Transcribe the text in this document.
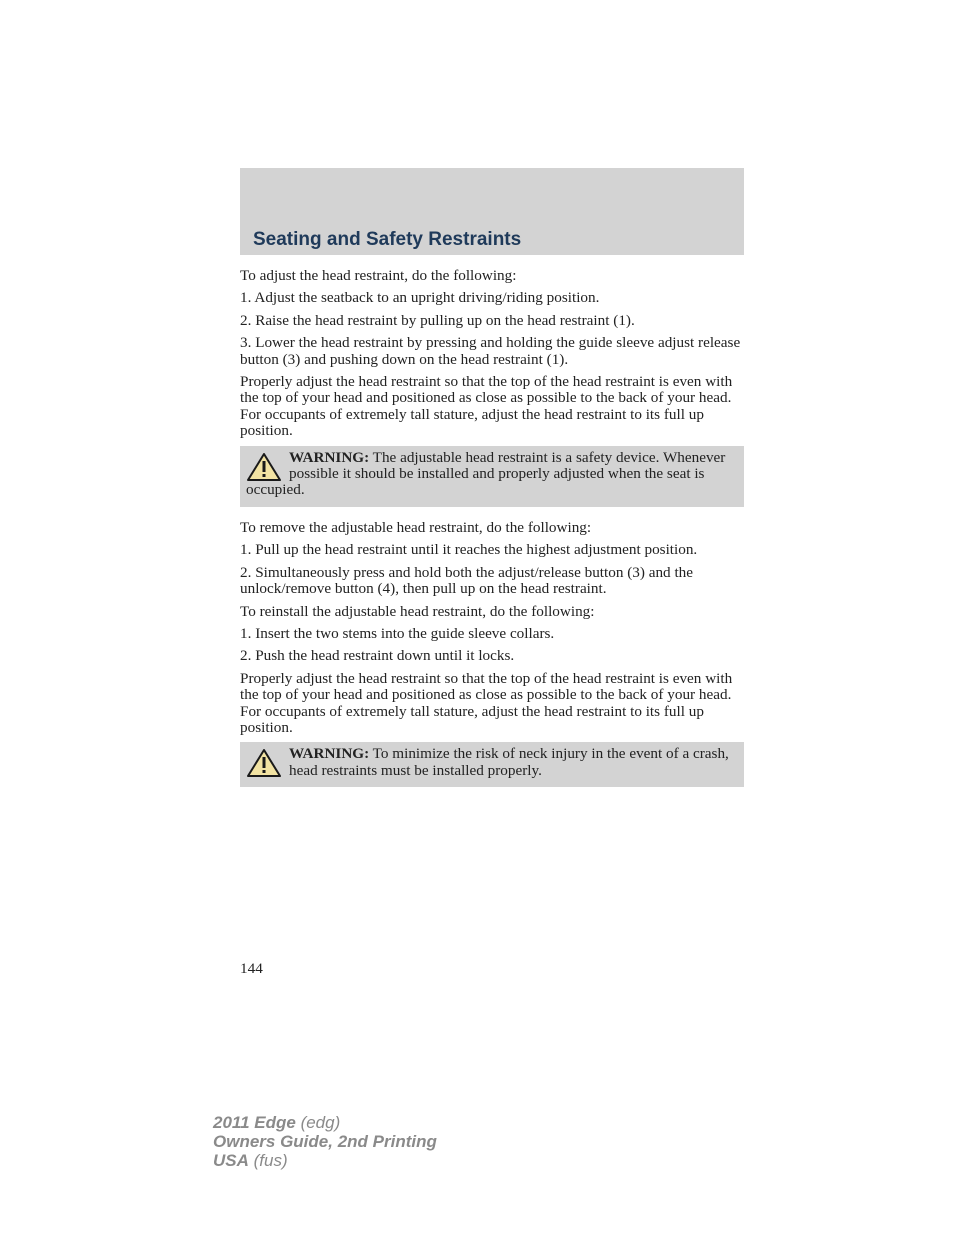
Seating and Safety Restraints

To adjust the head restraint, do the following:

1. Adjust the seatback to an upright driving/riding position.

2. Raise the head restraint by pulling up on the head restraint (1).

3. Lower the head restraint by pressing and holding the guide sleeve adjust release button (3) and pushing down on the head restraint (1).

Properly adjust the head restraint so that the top of the head restraint is even with the top of your head and positioned as close as possible to the back of your head. For occupants of extremely tall stature, adjust the head restraint to its full up position.

WARNING: The adjustable head restraint is a safety device. Whenever possible it should be installed and properly adjusted when the seat is occupied.

To remove the adjustable head restraint, do the following:

1. Pull up the head restraint until it reaches the highest adjustment position.

2. Simultaneously press and hold both the adjust/release button (3) and the unlock/remove button (4), then pull up on the head restraint.

To reinstall the adjustable head restraint, do the following:

1. Insert the two stems into the guide sleeve collars.

2. Push the head restraint down until it locks.

Properly adjust the head restraint so that the top of the head restraint is even with the top of your head and positioned as close as possible to the back of your head. For occupants of extremely tall stature, adjust the head restraint to its full up position.

WARNING: To minimize the risk of neck injury in the event of a crash, head restraints must be installed properly.

144
2011 Edge (edg)
Owners Guide, 2nd Printing
USA (fus)
